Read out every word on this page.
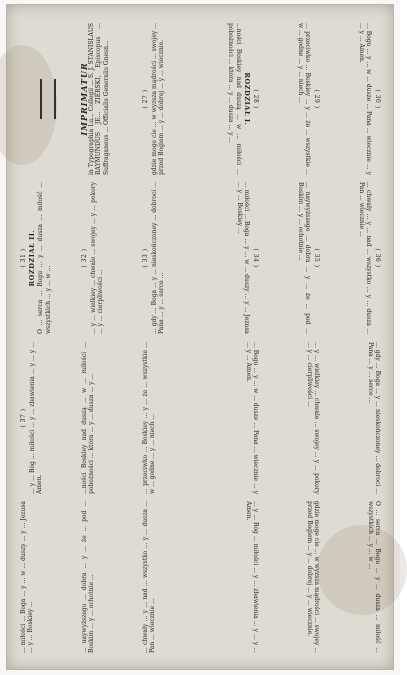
IMPRIMATUR in Typographia Lu... Collegii ... S. J. STANISLAUS RAYMUNDUS JE... ZIERSKI, Episcopus ... Suffraganeus ... Officialis Generalis Gnesn...	( 27 ) gdzie moge cie ... w wyzsza mądrości ... swojey ... przed Bogiem ... y ... dobrej ... y ... wiecznie.	( 28 )
ROZDZIAŁ I.
...ności Boskiey nad duszą ... w ... miłości ... pobożności ... która ... y ... dusza ... y ...	( 29 )
... przeciwko ... Boskiey ... y ... że ... wszystkie ... w ... godne ... y ... niech ...	( 30 )
... Bogu ... y ... w ... dusze ... Pana ... wiecznie ... y ... y ... Amen.
( 31 ) ROZDZIAŁ II. O ... serca ... Bogu ... y ... dusza ... miłość ... wszystkich ... y ... w ...
( 32 ) ... y ... wielkiey ... chwale ... swojey ... y ... pokory ... y ... cierpliwości ...
( 33 ) ... gdy ... Boga ... y ... nieskończoney ... dobroci ... Pana ... y ... serce ...
( 34 )
... miłości ... Boga ... y ... w ... duszy ... y ... Jezusa ... y ... Boskiey ...
( 35 )
... naywyższego ... dobra ... y ... że ... pod ... Boskim ... y ... ochotnie ...	( 36 )
... chwały ... y ... nad ... wszystko ... y ... dusza ... Pan ... wiecznie ...
( 37 ) ... y ... Bóg ... miłości ... y ... zbawienia ... y ... y ... Amen.	...ności Boskiey nad duszą ... w ... miłości ... pobożności ... która ... y ... dusza ... y ...	... przeciwko ... Boskiey ... y ... że ... wszystkie ... w ... godne ... y ... niech ...	... Bogu ... y ... w ... dusze ... Pana ... wiecznie ... y ... y ... Amen.	... y ... wielkiey ... chwale ... swojey ... y ... pokory ... y ... cierpliwości ...	... gdy ... Boga ... y ... nieskończoney ... dobroci ... Pana ... y ... serce ...
... miłości ... Boga ... y ... w ... duszy ... y ... Jezusa ... y ... Boskiey ...	... naywyższego ... dobra ... y ... że ... pod ... Boskim ... y ... ochotnie ...	... chwały ... y ... nad ... wszystko ... y ... dusza ... Pan ... wiecznie ...	... y ... Bóg ... miłości ... y ... zbawienia ... y ... y ... Amen.	gdzie moge cie ... w wyzsza mądrości ... swojey ... przed Bogiem ... y ... dobrej ... y ... wiecznie.	O ... serca ... Bogu ... y ... dusza ... miłość ... wszystkich ... y ... w ...
